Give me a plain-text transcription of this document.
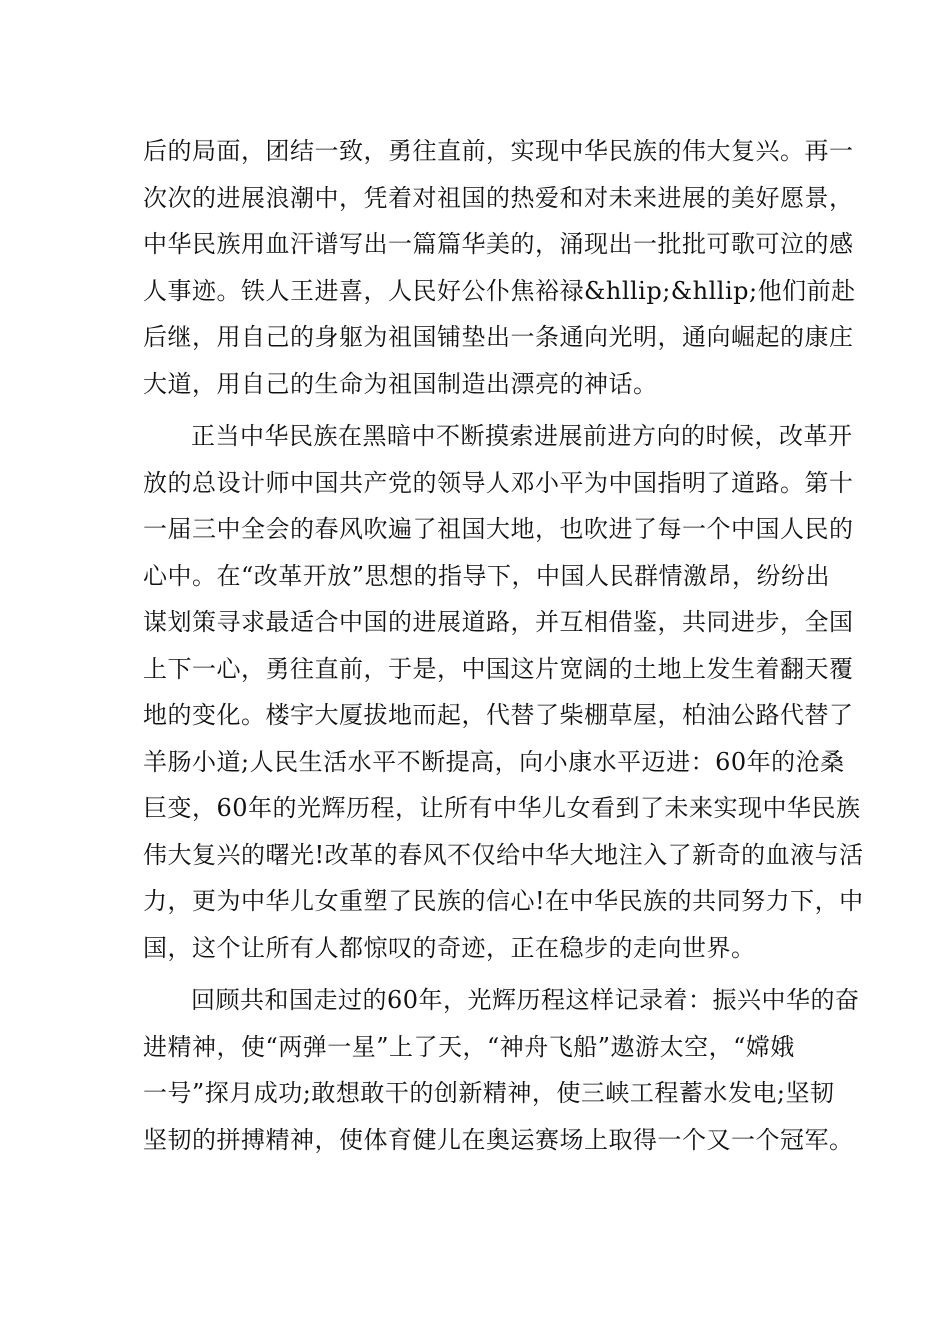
后的局面，团结一致，勇往直前，实现中华民族的伟大复兴。再一
次次的进展浪潮中，凭着对祖国的热爱和对未来进展的美好愿景，
中华民族用血汗谱写出一篇篇华美的，涌现出一批批可歌可泣的感
人事迹。铁人王进喜，人民好公仆焦裕禄&hllip;&hllip;他们前赴
后继，用自己的身躯为祖国铺垫出一条通向光明，通向崛起的康庄
大道，用自己的生命为祖国制造出漂亮的神话。

正当中华民族在黑暗中不断摸索进展前进方向的时候，改革开
放的总设计师中国共产党的领导人邓小平为中国指明了道路。第十
一届三中全会的春风吹遍了祖国大地，也吹进了每一个中国人民的
心中。在“改革开放”思想的指导下，中国人民群情激昂，纷纷出
谋划策寻求最适合中国的进展道路，并互相借鉴，共同进步，全国
上下一心，勇往直前，于是，中国这片宽阔的土地上发生着翻天覆
地的变化。楼宇大厦拔地而起，代替了柴棚草屋，柏油公路代替了
羊肠小道;人民生活水平不断提高，向小康水平迈进：60年的沧桑
巨变，60年的光辉历程，让所有中华儿女看到了未来实现中华民族
伟大复兴的曙光!改革的春风不仅给中华大地注入了新奇的血液与活
力，更为中华儿女重塑了民族的信心!在中华民族的共同努力下，中
国，这个让所有人都惊叹的奇迹，正在稳步的走向世界。

回顾共和国走过的60年，光辉历程这样记录着：振兴中华的奋
进精神，使“两弹一星”上了天，“神舟飞船”遨游太空，“嫦娥
一号”探月成功;敢想敢干的创新精神，使三峡工程蓄水发电;坚韧
坚韧的拼搏精神，使体育健儿在奥运赛场上取得一个又一个冠军。
